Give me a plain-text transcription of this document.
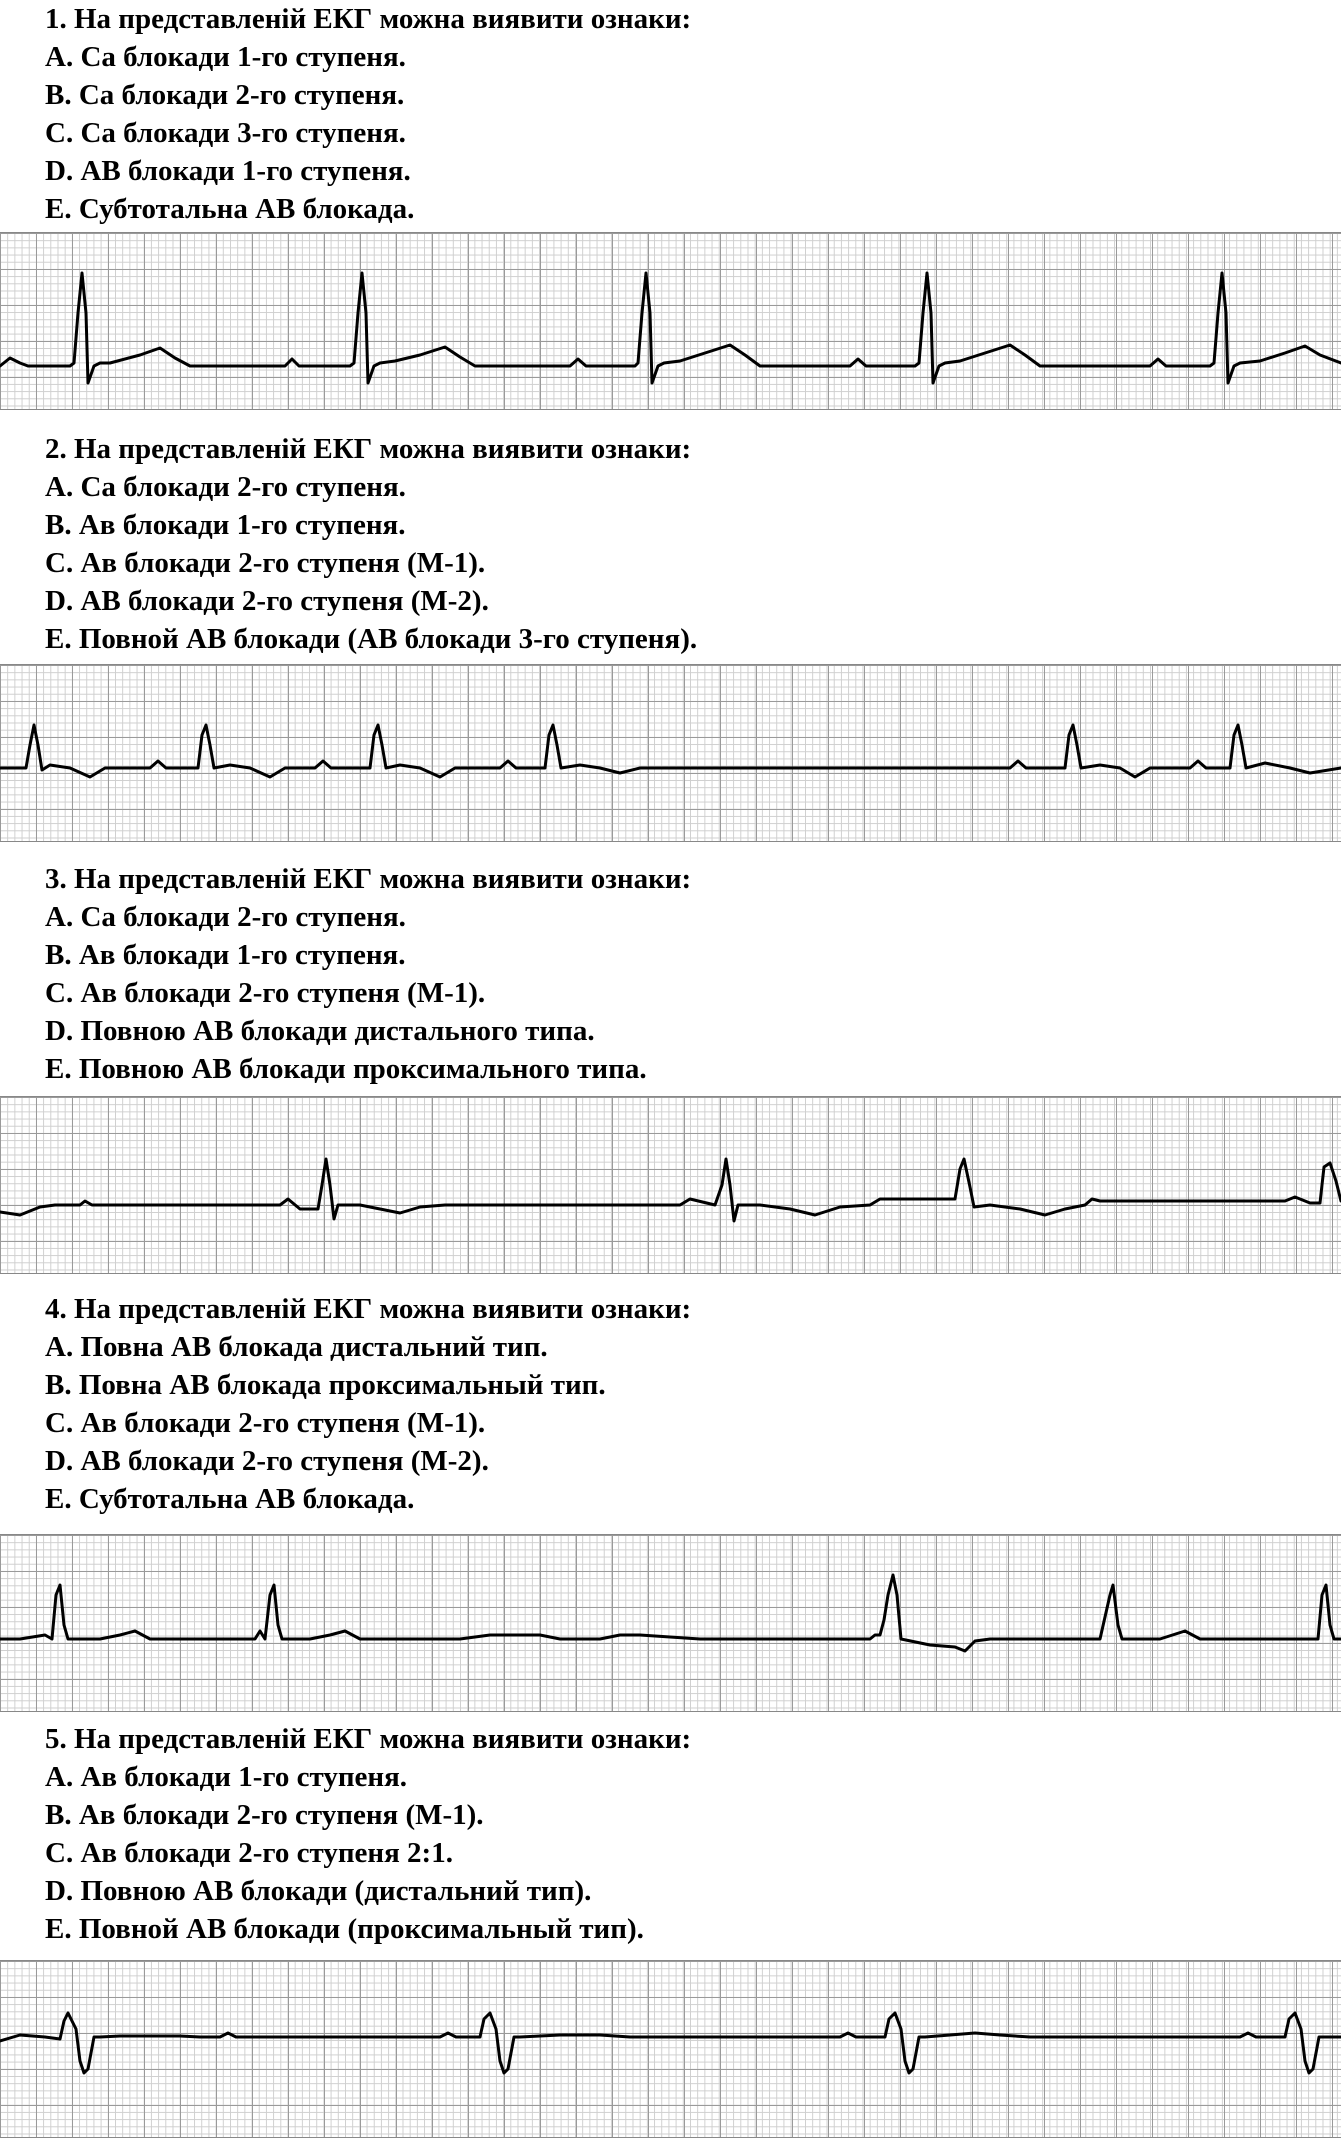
1. На представленій ЕКГ можна виявити ознаки:
A. Са блокади 1-го ступеня.
B. Са блокади 2-го ступеня.
C. Са блокади 3-го ступеня.
D. АВ блокади 1-го ступеня.
E. Субтотальна АВ блокада.
2. На представленій ЕКГ можна виявити ознаки:
A. Са блокади 2-го ступеня.
B. Ав блокади 1-го ступеня.
C. Ав блокади 2-го ступеня (М-1).
D. АВ блокади 2-го ступеня (М-2).
E. Повной АВ блокади (АВ блокади 3-го ступеня).
3. На представленій ЕКГ можна виявити ознаки:
A. Са блокади 2-го ступеня.
B. Ав блокади 1-го ступеня.
C. Ав блокади 2-го ступеня (М-1).
D. Повною АВ блокади дистального типа.
E. Повною АВ блокади проксимального типа.
4. На представленій ЕКГ можна виявити ознаки:
A. Повна АВ блокада дистальний тип.
B. Повна АВ блокада проксимальный тип.
C. Ав блокади 2-го ступеня (М-1).
D. АВ блокади 2-го ступеня (М-2).
E. Субтотальна АВ блокада.
5. На представленій ЕКГ можна виявити ознаки:
A. Ав блокади 1-го ступеня.
B. Ав блокади 2-го ступеня (М-1).
C. Ав блокади 2-го ступеня 2:1.
D. Повною АВ блокади (дистальний тип).
E. Повной АВ блокади (проксимальный тип).
